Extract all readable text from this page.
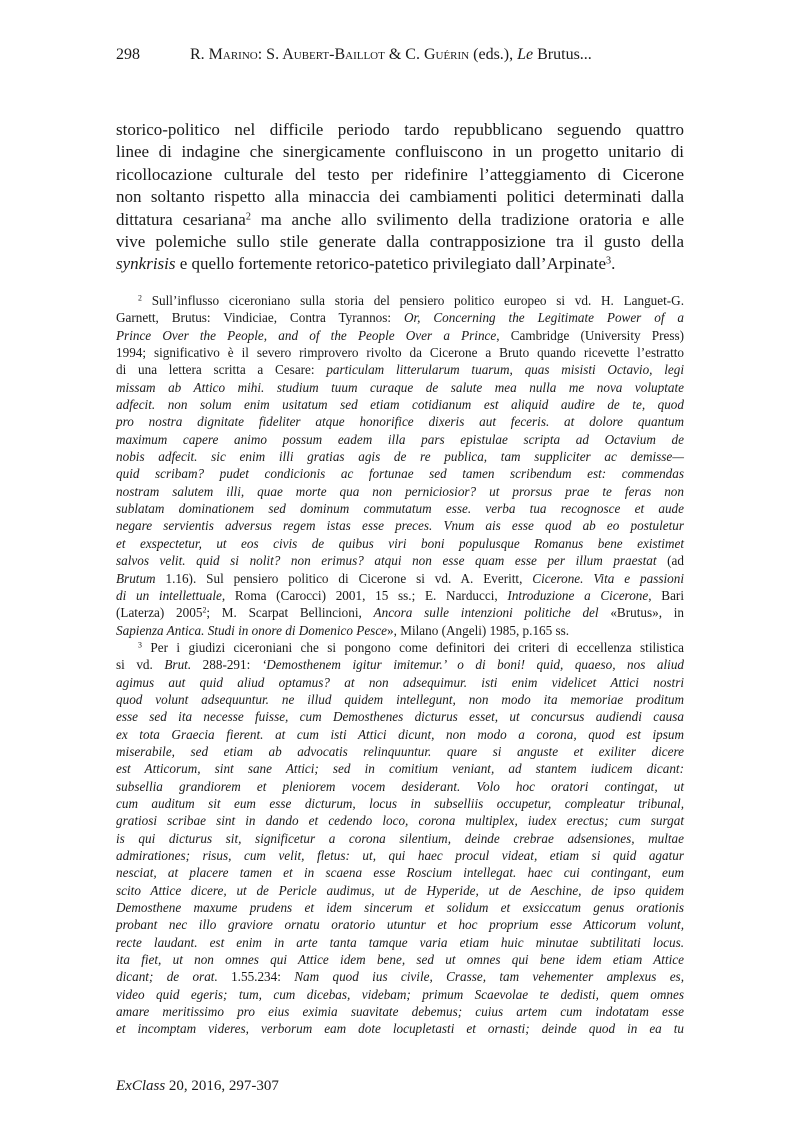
298	R. Marino: S. Aubert-Baillot & C. Guérin (eds.), Le Brutus...
storico-politico nel difficile periodo tardo repubblicano seguendo quattro
linee di indagine che sinergicamente confluiscono in un progetto unitario di
ricollocazione culturale del testo per ridefinire l’atteggiamento di Cicerone
non soltanto rispetto alla minaccia dei cambiamenti politici determinati dalla
dittatura cesariana$^2$ ma anche allo svilimento della tradizione oratoria e alle
vive polemiche sullo stile generate dalla contrapposizione tra il gusto della
synkrisis e quello fortemente retorico-patetico privilegiato dall’Arpinate$^3$.
$^2$ Sull’influsso ciceroniano sulla storia del pensiero politico europeo si vd. H. Languet-G.
Garnett, Brutus: Vindiciae, Contra Tyrannos: Or, Concerning the Legitimate Power of a
Prince Over the People, and of the People Over a Prince, Cambridge (University Press)
1994; significativo è il severo rimprovero rivolto da Cicerone a Bruto quando ricevette l’estratto
di una lettera scritta a Cesare: particulam litterularum tuarum, quas misisti Octavio, legi
missam ab Attico mihi. studium tuum curaque de salute mea nulla me nova voluptate
adfecit. non solum enim usitatum sed etiam cotidianum est aliquid audire de te, quod
pro nostra dignitate fideliter atque honorifice dixeris aut feceris. at dolore quantum
maximum capere animo possum eadem illa pars epistulae scripta ad Octavium de
nobis adfecit. sic enim illi gratias agis de re publica, tam suppliciter ac demisse—
quid scribam? pudet condicionis ac fortunae sed tamen scribendum est: commendas
nostram salutem illi, quae morte qua non perniciosior? ut prorsus prae te feras non
sublatam dominationem sed dominum commutatum esse. verba tua recognosce et aude
negare servientis adversus regem istas esse preces. Vnum ais esse quod ab eo postuletur
et exspectetur, ut eos civis de quibus viri boni populusque Romanus bene existimet
salvos velit. quid si nolit? non erimus? atqui non esse quam esse per illum praestat (ad
Brutum 1.16). Sul pensiero politico di Cicerone si vd. A. Everitt, Cicerone. Vita e passioni
di un intellettuale, Roma (Carocci) 2001, 15 ss.; E. Narducci, Introduzione a Cicerone, Bari
(Laterza) 2005$^2$; M. Scarpat Bellincioni, Ancora sulle intenzioni politiche del «Brutus», in
Sapienza Antica. Studi in onore di Domenico Pesce», Milano (Angeli) 1985, p.165 ss.
$^3$ Per i giudizi ciceroniani che si pongono come definitori dei criteri di eccellenza stilistica
si vd. Brut. 288-291: ‘Demosthenem igitur imitemur.’ o di boni! quid, quaeso, nos aliud
agimus aut quid aliud optamus? at non adsequimur. isti enim videlicet Attici nostri
quod volunt adsequuntur. ne illud quidem intellegunt, non modo ita memoriae proditum
esse sed ita necesse fuisse, cum Demosthenes dicturus esset, ut concursus audiendi causa
ex tota Graecia fierent. at cum isti Attici dicunt, non modo a corona, quod est ipsum
miserabile, sed etiam ab advocatis relinquuntur. quare si anguste et exiliter dicere
est Atticorum, sint sane Attici; sed in comitium veniant, ad stantem iudicem dicant:
subsellia grandiorem et pleniorem vocem desiderant. Volo hoc oratori contingat, ut
cum auditum sit eum esse dicturum, locus in subselliis occupetur, compleatur tribunal,
gratiosi scribae sint in dando et cedendo loco, corona multiplex, iudex erectus; cum surgat
is qui dicturus sit, significetur a corona silentium, deinde crebrae adsensiones, multae
admirationes; risus, cum velit, fletus: ut, qui haec procul videat, etiam si quid agatur
nesciat, at placere tamen et in scaena esse Roscium intellegat. haec cui contingant, eum
scito Attice dicere, ut de Pericle audimus, ut de Hyperide, ut de Aeschine, de ipso quidem
Demosthene maxume prudens et idem sincerum et solidum et exsiccatum genus orationis
probant nec illo graviore ornatu oratorio utuntur et hoc proprium esse Atticorum volunt,
recte laudant. est enim in arte tanta tamque varia etiam huic minutae subtilitati locus.
ita fiet, ut non omnes qui Attice idem bene, sed ut omnes qui bene idem etiam Attice
dicant; de orat. 1.55.234: Nam quod ius civile, Crasse, tam vehementer amplexus es,
video quid egeris; tum, cum dicebas, videbam; primum Scaevolae te dedisti, quem omnes
amare meritissimo pro eius eximia suavitate debemus; cuius artem cum indotatam esse
et incomptam videres, verborum eam dote locupletasti et ornasti; deinde quod in ea tu
ExClass 20, 2016, 297-307
